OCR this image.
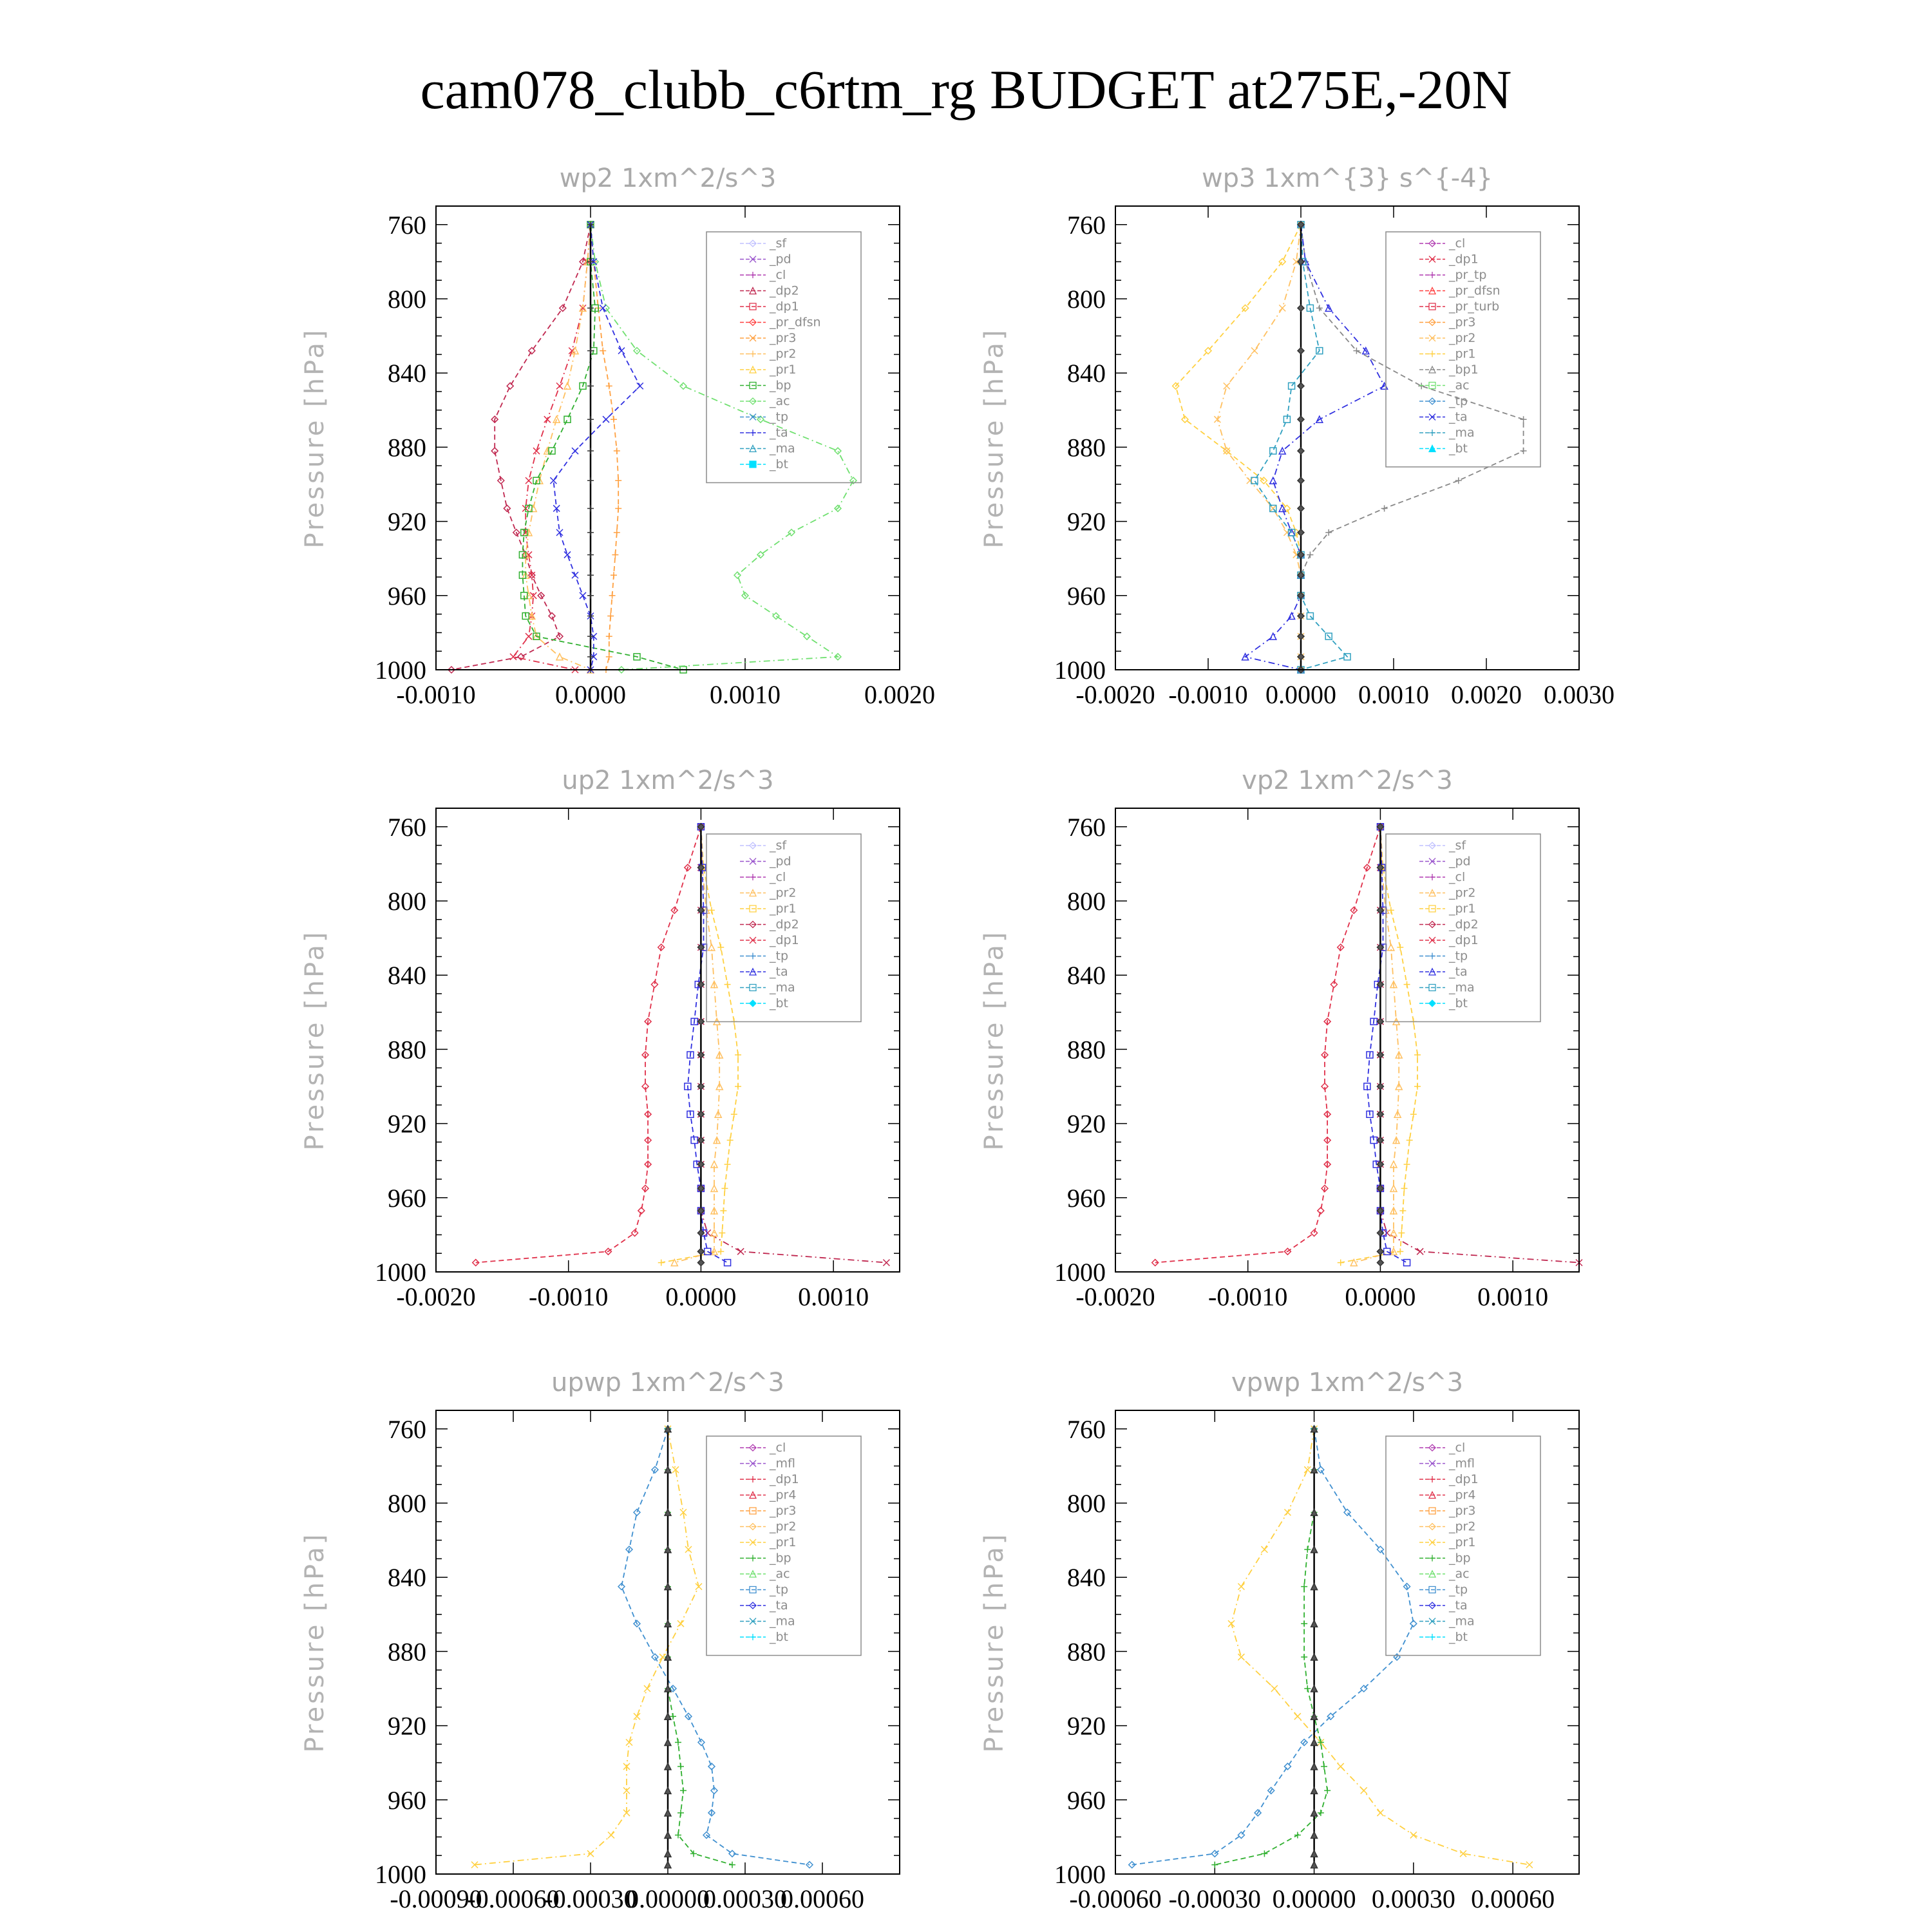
cam078_clubb_c6rtm_rg BUDGET at275E,-20N
wp2 1xm^2/s^3
Pressure [hPa]
760
800
840
880
920
960
1000
-0.0010	0.0000	0.0010	0.0020
_sf
_pd
_cl
_dp2
_dp1
_pr_dfsn
_pr3
_pr2
_pr1
_bp
_ac
_tp
_ta
_ma
_bt
wp3 1xm^{3} s^{-4}
Pressure [hPa]
760
800
840
880
920
960
1000
-0.0020 -0.0010 0.0000 0.0010 0.0020 0.0030
_cl
_dp1
_pr_tp
_pr_dfsn
_pr_turb
_pr3
_pr2
_pr1
_bp1
_ac
_tp
_ta
_ma
_bt
up2 1xm^2/s^3
Pressure [hPa]
760
800
840
880
920
960
1000
-0.0020 -0.0010 0.0000 0.0010
_sf
_pd
_cl
_pr2
_pr1
_dp2
_dp1
_tp
_ta
_ma
_bt
vp2 1xm^2/s^3
Pressure [hPa]
760
800
840
880
920
960
1000
-0.0020 -0.0010 0.0000 0.0010
_sf
_pd
_cl
_pr2
_pr1
_dp2
_dp1
_tp
_ta
_ma
_bt
upwp 1xm^2/s^3
Pressure [hPa]
760
800
840
880
920
960
1000
-0.00090
-0.00060
-0.00030
0.00000
0.00030
0.00060
_cl
_mfl
_dp1
_pr4
_pr3
_pr2
_pr1
_bp
_ac
_tp
_ta
_ma
_bt
vpwp 1xm^2/s^3
Pressure [hPa]
760
800
840
880
920
960
1000
-0.00060 -0.00030 0.00000 0.00030 0.00060
_cl
_mfl
_dp1
_pr4
_pr3
_pr2
_pr1
_bp
_ac
_tp
_ta
_ma
_bt
